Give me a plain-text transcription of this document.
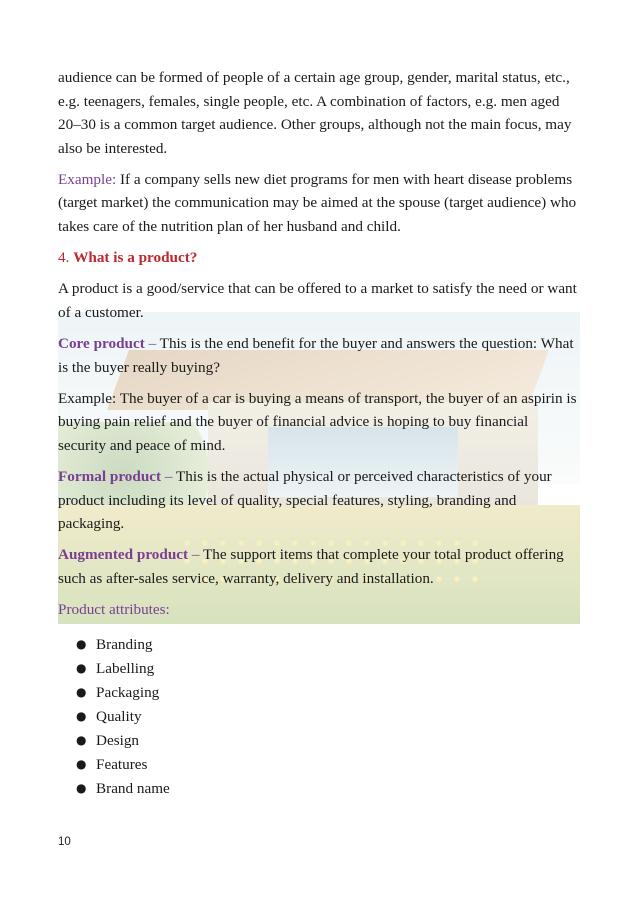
audience can be formed of people of a certain age group, gender, marital status, etc., e.g. teenagers, females, single people, etc. A combination of factors, e.g. men aged 20–30 is a common target audience. Other groups, although not the main focus, may also be interested.

Example: If a company sells new diet programs for men with heart disease problems (target market) the communication may be aimed at the spouse (target audience) who takes care of the nutrition plan of her husband and child.

4. What is a product?

A product is a good/service that can be offered to a market to satisfy the need or want of a customer.

Core product – This is the end benefit for the buyer and answers the question: What is the buyer really buying?

Example: The buyer of a car is buying a means of transport, the buyer of an aspirin is buying pain relief and the buyer of financial advice is hoping to buy financial security and peace of mind.

Formal product – This is the actual physical or perceived characteristics of your product including its level of quality, special features, styling, branding and packaging.

Augmented product – The support items that complete your total product offering such as after-sales service, warranty, delivery and installation.

Product attributes:

● Branding
● Labelling
● Packaging
● Quality
● Design
● Features
● Brand name
10
